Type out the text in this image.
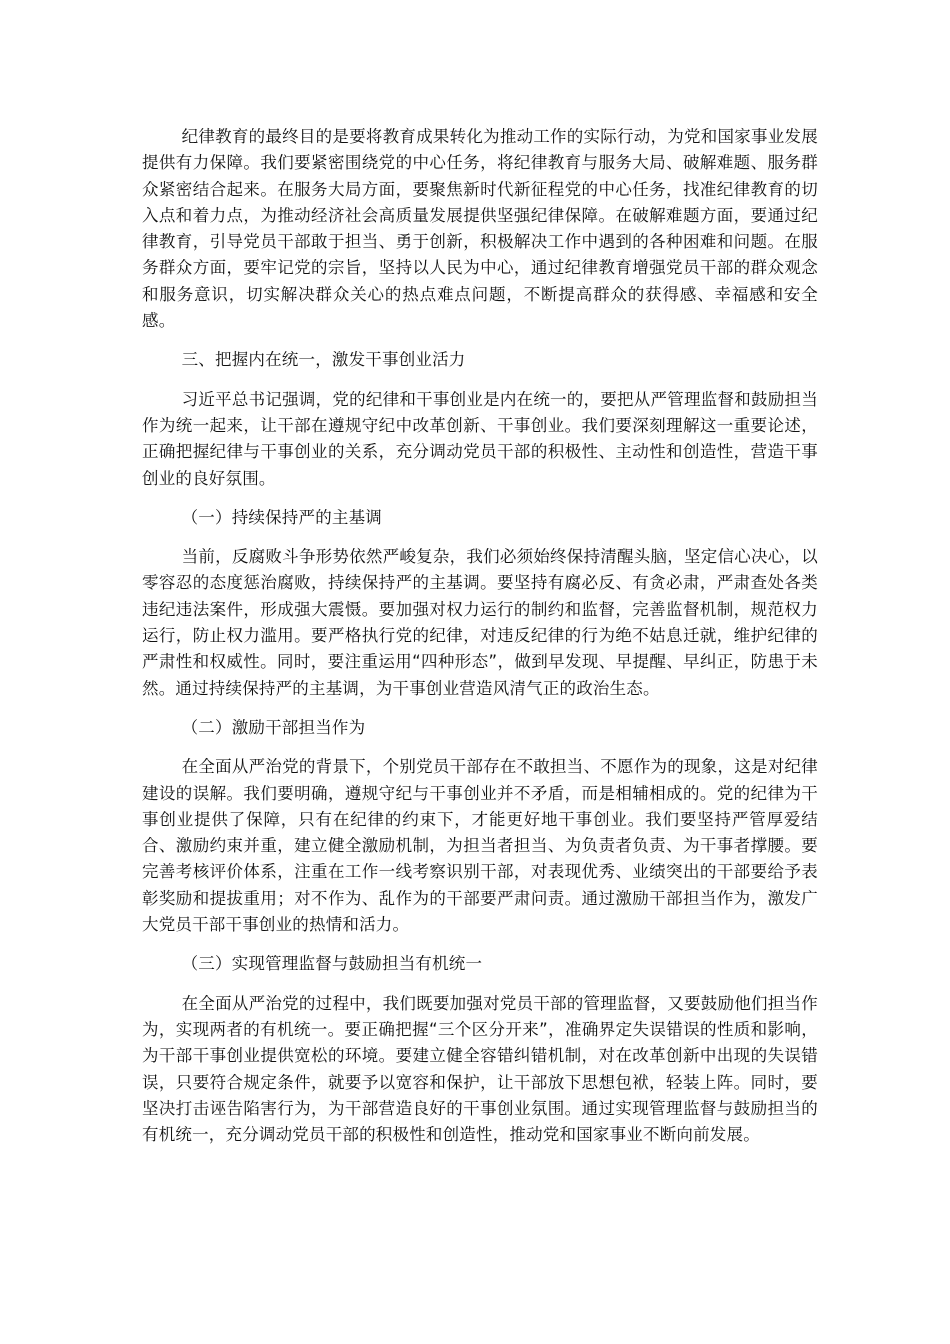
纪律教育的最终目的是要将教育成果转化为推动工作的实际行动，为党和国家事业发展提供有力保障。我们要紧密围绕党的中心任务，将纪律教育与服务大局、破解难题、服务群众紧密结合起来。在服务大局方面，要聚焦新时代新征程党的中心任务，找准纪律教育的切入点和着力点，为推动经济社会高质量发展提供坚强纪律保障。在破解难题方面，要通过纪律教育，引导党员干部敢于担当、勇于创新，积极解决工作中遇到的各种困难和问题。在服务群众方面，要牢记党的宗旨，坚持以人民为中心，通过纪律教育增强党员干部的群众观念和服务意识，切实解决群众关心的热点难点问题，不断提高群众的获得感、幸福感和安全感。

三、把握内在统一，激发干事创业活力

习近平总书记强调，党的纪律和干事创业是内在统一的，要把从严管理监督和鼓励担当作为统一起来，让干部在遵规守纪中改革创新、干事创业。我们要深刻理解这一重要论述，正确把握纪律与干事创业的关系，充分调动党员干部的积极性、主动性和创造性，营造干事创业的良好氛围。

（一）持续保持严的主基调

当前，反腐败斗争形势依然严峻复杂，我们必须始终保持清醒头脑，坚定信心决心，以零容忍的态度惩治腐败，持续保持严的主基调。要坚持有腐必反、有贪必肃，严肃查处各类违纪违法案件，形成强大震慑。要加强对权力运行的制约和监督，完善监督机制，规范权力运行，防止权力滥用。要严格执行党的纪律，对违反纪律的行为绝不姑息迁就，维护纪律的严肃性和权威性。同时，要注重运用“四种形态”，做到早发现、早提醒、早纠正，防患于未然。通过持续保持严的主基调，为干事创业营造风清气正的政治生态。

（二）激励干部担当作为

在全面从严治党的背景下，个别党员干部存在不敢担当、不愿作为的现象，这是对纪律建设的误解。我们要明确，遵规守纪与干事创业并不矛盾，而是相辅相成的。党的纪律为干事创业提供了保障，只有在纪律的约束下，才能更好地干事创业。我们要坚持严管厚爱结合、激励约束并重，建立健全激励机制，为担当者担当、为负责者负责、为干事者撑腰。要完善考核评价体系，注重在工作一线考察识别干部，对表现优秀、业绩突出的干部要给予表彰奖励和提拔重用；对不作为、乱作为的干部要严肃问责。通过激励干部担当作为，激发广大党员干部干事创业的热情和活力。

（三）实现管理监督与鼓励担当有机统一

在全面从严治党的过程中，我们既要加强对党员干部的管理监督，又要鼓励他们担当作为，实现两者的有机统一。要正确把握“三个区分开来”，准确界定失误错误的性质和影响，为干部干事创业提供宽松的环境。要建立健全容错纠错机制，对在改革创新中出现的失误错误，只要符合规定条件，就要予以宽容和保护，让干部放下思想包袱，轻装上阵。同时，要坚决打击诬告陷害行为，为干部营造良好的干事创业氛围。通过实现管理监督与鼓励担当的有机统一，充分调动党员干部的积极性和创造性，推动党和国家事业不断向前发展。
